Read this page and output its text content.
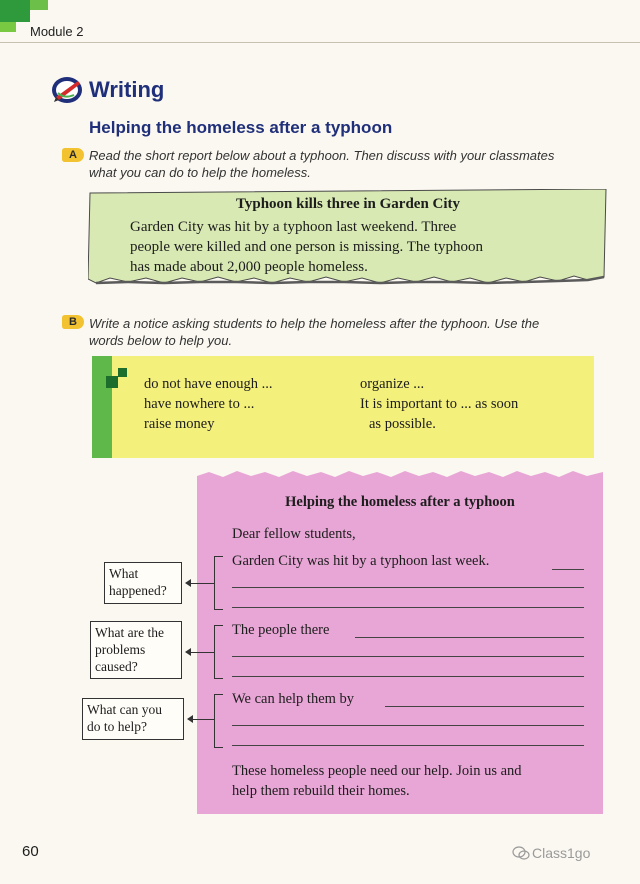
Module 2
Writing
Helping the homeless after a typhoon
A Read the short report below about a typhoon. Then discuss with your classmates
what you can do to help the homeless.
Typhoon kills three in Garden City
Garden City was hit by a typhoon last weekend. Three
people were killed and one person is missing. The typhoon
has made about 2,000 people homeless.
B Write a notice asking students to help the homeless after the typhoon. Use the
words below to help you.
do not have enough ...
have nowhere to ...
raise money
organize ...
It is important to ... as soon
as possible.
Helping the homeless after a typhoon
Dear fellow students,
Garden City was hit by a typhoon last week.
The people there
We can help them by
These homeless people need our help. Join us and
help them rebuild their homes.
What
happened?
What are the
problems
caused?
What can you
do to help?
60	Class1go
